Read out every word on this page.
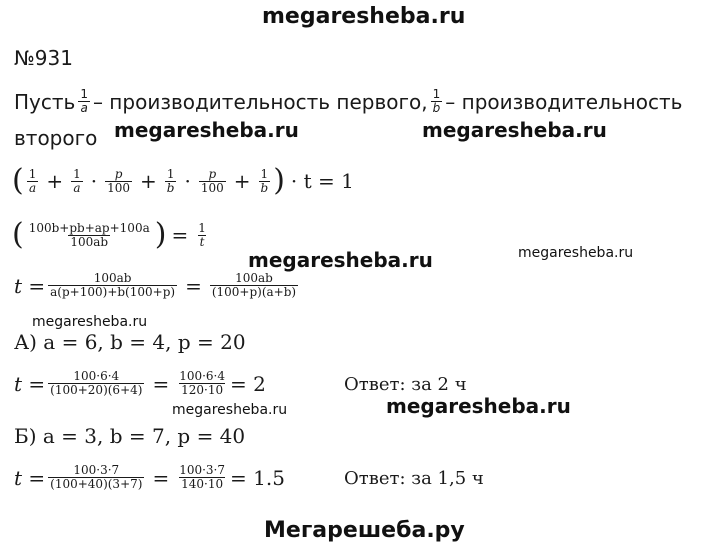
megaresheba.ru
№931
Пусть $\frac{1}{a}$ – производительность первого, $\frac{1}{b}$ – производительность
второго
( $\frac{1}{a} + \frac{1}{a} \cdot \frac{p}{100} + \frac{1}{b} \cdot \frac{p}{100} + \frac{1}{b}$ ) · t = 1
( $\frac{100b+pb+ap+100a}{100ab}$ ) = $\frac{1}{t}$
$t = \frac{100ab}{a(p+100)+b(100+p)} = \frac{100ab}{(100+p)(a+b)}$
А) a = 6, b = 4, p = 20
$t = \frac{100\cdot 6\cdot 4}{(100+20)(6+4)} = \frac{100\cdot 6\cdot 4}{120\cdot 10} = 2$	Ответ: за 2 ч
Б) a = 3, b = 7, p = 40
$t = \frac{100\cdot 3\cdot 7}{(100+40)(3+7)} = \frac{100\cdot 3\cdot 7}{140\cdot 10} = 1.5$	Ответ: за 1,5 ч
megaresheba.ru	megaresheba.ru
megaresheba.ru	megaresheba.ru
megaresheba.ru
megaresheba.ru	megaresheba.ru
Мегарешеба.ру
